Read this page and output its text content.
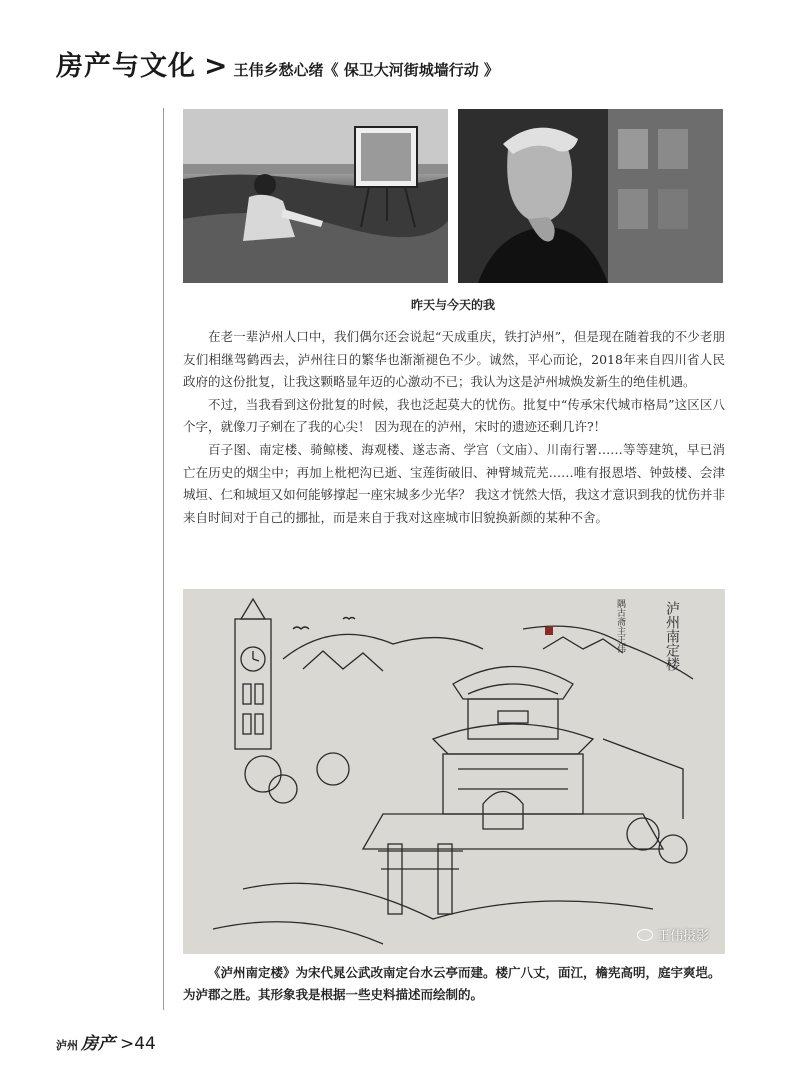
房产与文化 > 王伟乡愁心绪《 保卫大河街城墙行动 》
昨天与今天的我

在老一辈泸州人口中，我们偶尔还会说起“天成重庆，铁打泸州”，但是现在随着我的不少老朋友们相继驾鹤西去，泸州往日的繁华也渐渐褪色不少。诚然，平心而论，2018年来自四川省人民政府的这份批复，让我这颗略显年迈的心激动不已；我认为这是泸州城焕发新生的绝佳机遇。

不过，当我看到这份批复的时候，我也泛起莫大的忧伤。批复中“传承宋代城市格局”这区区八个字，就像刀子剜在了我的心尖！ 因为现在的泸州，宋时的遗迹还剩几许?！

百子图、南定楼、骑鲸楼、海观楼、遂志斋、学宫（文庙）、川南行署……等等建筑，早已消亡在历史的烟尘中；再加上枇杷沟已逝、宝莲街破旧、神臂城荒芜……唯有报恩塔、钟鼓楼、会津城垣、仁和城垣又如何能够撑起一座宋城多少光华？ 我这才恍然大悟，我这才意识到我的忧伤并非来自时间对于自己的挪扯，而是来自于我对这座城市旧貌换新颜的某种不舍。

泸州南定楼
隅古斋主王伟
王伟摄影
《泸州南定楼》为宋代晁公武改南定台水云亭而建。楼广八丈，面江，檐宪高明，庭宇爽垲。为泸郡之胜。其形象我是根据一些史料描述而绘制的。
泸州 房产 >44
